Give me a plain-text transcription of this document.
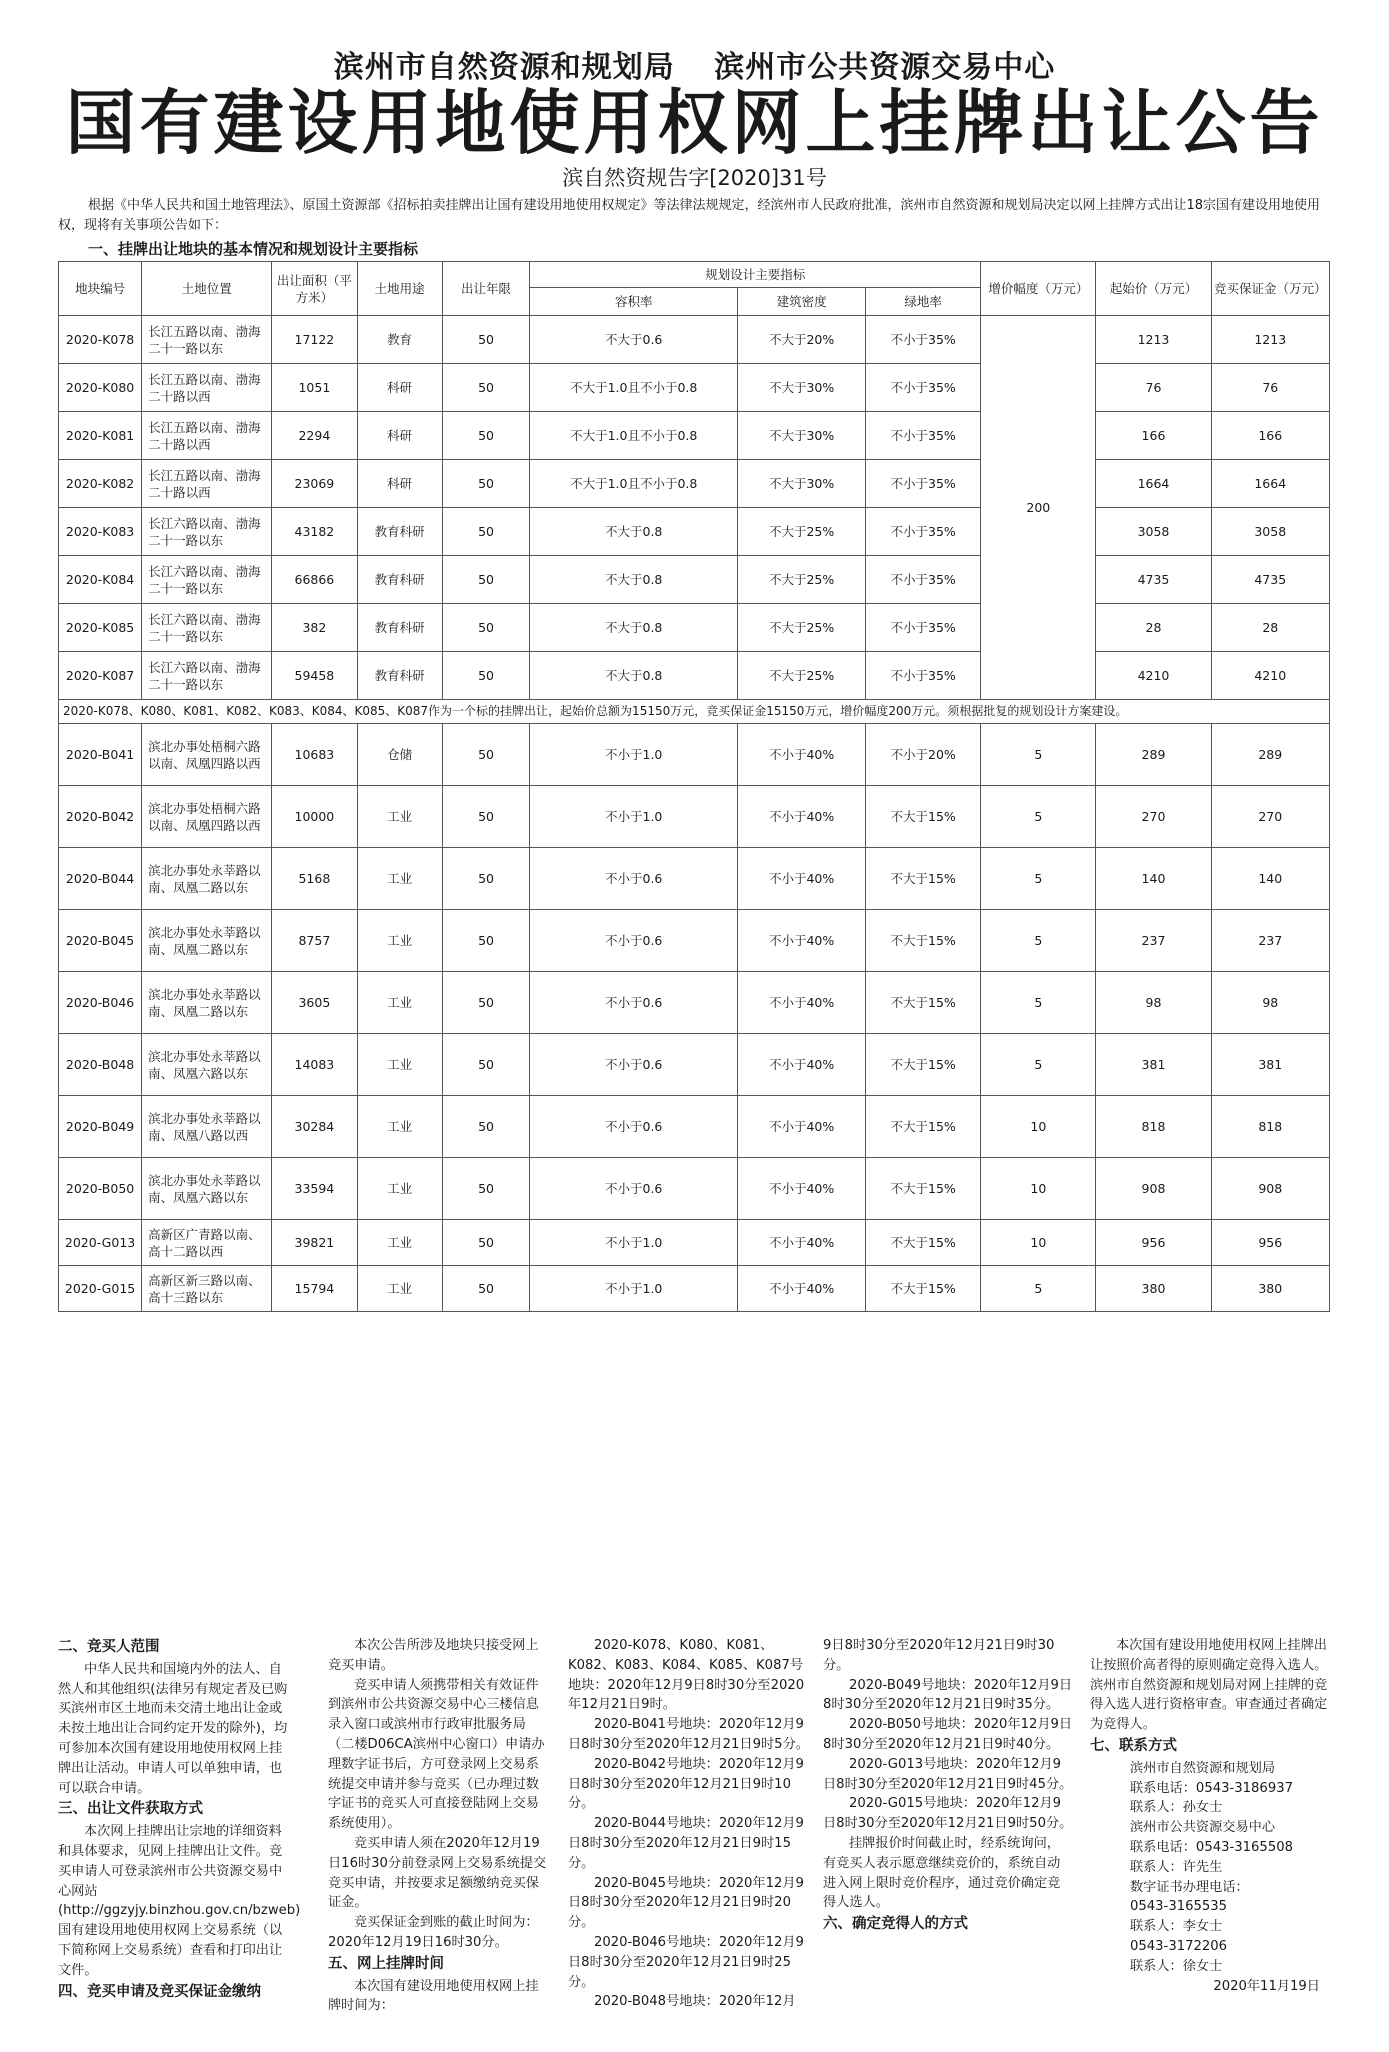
滨州市自然资源和规划局 滨州市公共资源交易中心
国有建设用地使用权网上挂牌出让公告
滨自然资规告字[2020]31号
根据《中华人民共和国土地管理法》、原国土资源部《招标拍卖挂牌出让国有建设用地使用权规定》等法律法规规定，经滨州市人民政府批准，滨州市自然资源和规划局决定以网上挂牌方式出让18宗国有建设用地使用权，现将有关事项公告如下：
一、挂牌出让地块的基本情况和规划设计主要指标
地块编号	土地位置	出让面积（平方米）	土地用途	出让年限	规划设计主要指标			增价幅度（万元）	起始价（万元）	竞买保证金（万元）
					容积率	建筑密度	绿地率			
2020-K078	长江五路以南、渤海二十一路以东	17122	教育	50	不大于0.6	不大于20%	不小于35%	200	1213	1213
2020-K080	长江五路以南、渤海二十路以西	1051	科研	50	不大于1.0且不小于0.8	不大于30%	不小于35%		76	76
2020-K081	长江五路以南、渤海二十路以西	2294	科研	50	不大于1.0且不小于0.8	不大于30%	不小于35%		166	166
2020-K082	长江五路以南、渤海二十路以西	23069	科研	50	不大于1.0且不小于0.8	不大于30%	不小于35%		1664	1664
2020-K083	长江六路以南、渤海二十一路以东	43182	教育科研	50	不大于0.8	不大于25%	不小于35%		3058	3058
2020-K084	长江六路以南、渤海二十一路以东	66866	教育科研	50	不大于0.8	不大于25%	不小于35%		4735	4735
2020-K085	长江六路以南、渤海二十一路以东	382	教育科研	50	不大于0.8	不大于25%	不小于35%		28	28
2020-K087	长江六路以南、渤海二十一路以东	59458	教育科研	50	不大于0.8	不大于25%	不小于35%		4210	4210
2020-K078、K080、K081、K082、K083、K084、K085、K087作为一个标的挂牌出让，起始价总额为15150万元，竞买保证金15150万元，增价幅度200万元。须根据批复的规划设计方案建设。										
2020-B041	滨北办事处梧桐六路以南、凤凰四路以西	10683	仓储	50	不小于1.0	不小于40%	不小于20%	5	289	289
2020-B042	滨北办事处梧桐六路以南、凤凰四路以西	10000	工业	50	不小于1.0	不小于40%	不大于15%	5	270	270
2020-B044	滨北办事处永莘路以南、凤凰二路以东	5168	工业	50	不小于0.6	不小于40%	不大于15%	5	140	140
2020-B045	滨北办事处永莘路以南、凤凰二路以东	8757	工业	50	不小于0.6	不小于40%	不大于15%	5	237	237
2020-B046	滨北办事处永莘路以南、凤凰二路以东	3605	工业	50	不小于0.6	不小于40%	不大于15%	5	98	98
2020-B048	滨北办事处永莘路以南、凤凰六路以东	14083	工业	50	不小于0.6	不小于40%	不大于15%	5	381	381
2020-B049	滨北办事处永莘路以南、凤凰八路以西	30284	工业	50	不小于0.6	不小于40%	不大于15%	10	818	818
2020-B050	滨北办事处永莘路以南、凤凰六路以东	33594	工业	50	不小于0.6	不小于40%	不大于15%	10	908	908
2020-G013	高新区广青路以南、高十二路以西	39821	工业	50	不小于1.0	不小于40%	不大于15%	10	956	956
2020-G015	高新区新三路以南、高十三路以东	15794	工业	50	不小于1.0	不小于40%	不大于15%	5	380	380

二、竞买人范围

中华人民共和国境内外的法人、自然人和其他组织(法律另有规定者及已购买滨州市区土地而未交清土地出让金或未按土地出让合同约定开发的除外)，均可参加本次国有建设用地使用权网上挂牌出让活动。申请人可以单独申请，也可以联合申请。

三、出让文件获取方式

本次网上挂牌出让宗地的详细资料和具体要求，见网上挂牌出让文件。竞买申请人可登录滨州市公共资源交易中心网站(http://ggzyjy.binzhou.gov.cn/bzweb)国有建设用地使用权网上交易系统（以下简称网上交易系统）查看和打印出让文件。

四、竞买申请及竞买保证金缴纳

本次公告所涉及地块只接受网上竞买申请。

竞买申请人须携带相关有效证件到滨州市公共资源交易中心三楼信息录入窗口或滨州市行政审批服务局（二楼D06CA滨州中心窗口）申请办理数字证书后，方可登录网上交易系统提交申请并参与竞买（已办理过数字证书的竞买人可直接登陆网上交易系统使用）。

竞买申请人须在2020年12月19日16时30分前登录网上交易系统提交竞买申请，并按要求足额缴纳竞买保证金。

竞买保证金到账的截止时间为：2020年12月19日16时30分。

五、网上挂牌时间

本次国有建设用地使用权网上挂牌时间为：

2020-K078、K080、K081、K082、K083、K084、K085、K087号地块：2020年12月9日8时30分至2020年12月21日9时。

2020-B041号地块：2020年12月9日8时30分至2020年12月21日9时5分。

2020-B042号地块：2020年12月9日8时30分至2020年12月21日9时10分。

2020-B044号地块：2020年12月9日8时30分至2020年12月21日9时15分。

2020-B045号地块：2020年12月9日8时30分至2020年12月21日9时20分。

2020-B046号地块：2020年12月9日8时30分至2020年12月21日9时25分。

2020-B048号地块：2020年12月

9日8时30分至2020年12月21日9时30分。

2020-B049号地块：2020年12月9日8时30分至2020年12月21日9时35分。

2020-B050号地块：2020年12月9日8时30分至2020年12月21日9时40分。

2020-G013号地块：2020年12月9日8时30分至2020年12月21日9时45分。

2020-G015号地块：2020年12月9日8时30分至2020年12月21日9时50分。

挂牌报价时间截止时，经系统询问，有竞买人表示愿意继续竞价的，系统自动进入网上限时竞价程序，通过竞价确定竞得人选人。

六、确定竞得人的方式

本次国有建设用地使用权网上挂牌出让按照价高者得的原则确定竞得入选人。滨州市自然资源和规划局对网上挂牌的竞得入选人进行资格审查。审查通过者确定为竞得人。

七、联系方式

滨州市自然资源和规划局

联系电话：0543-3186937

联系人：孙女士

滨州市公共资源交易中心

联系电话：0543-3165508

联系人：许先生

数字证书办理电话：

0543-3165535

联系人：李女士

0543-3172206

联系人：徐女士

2020年11月19日
